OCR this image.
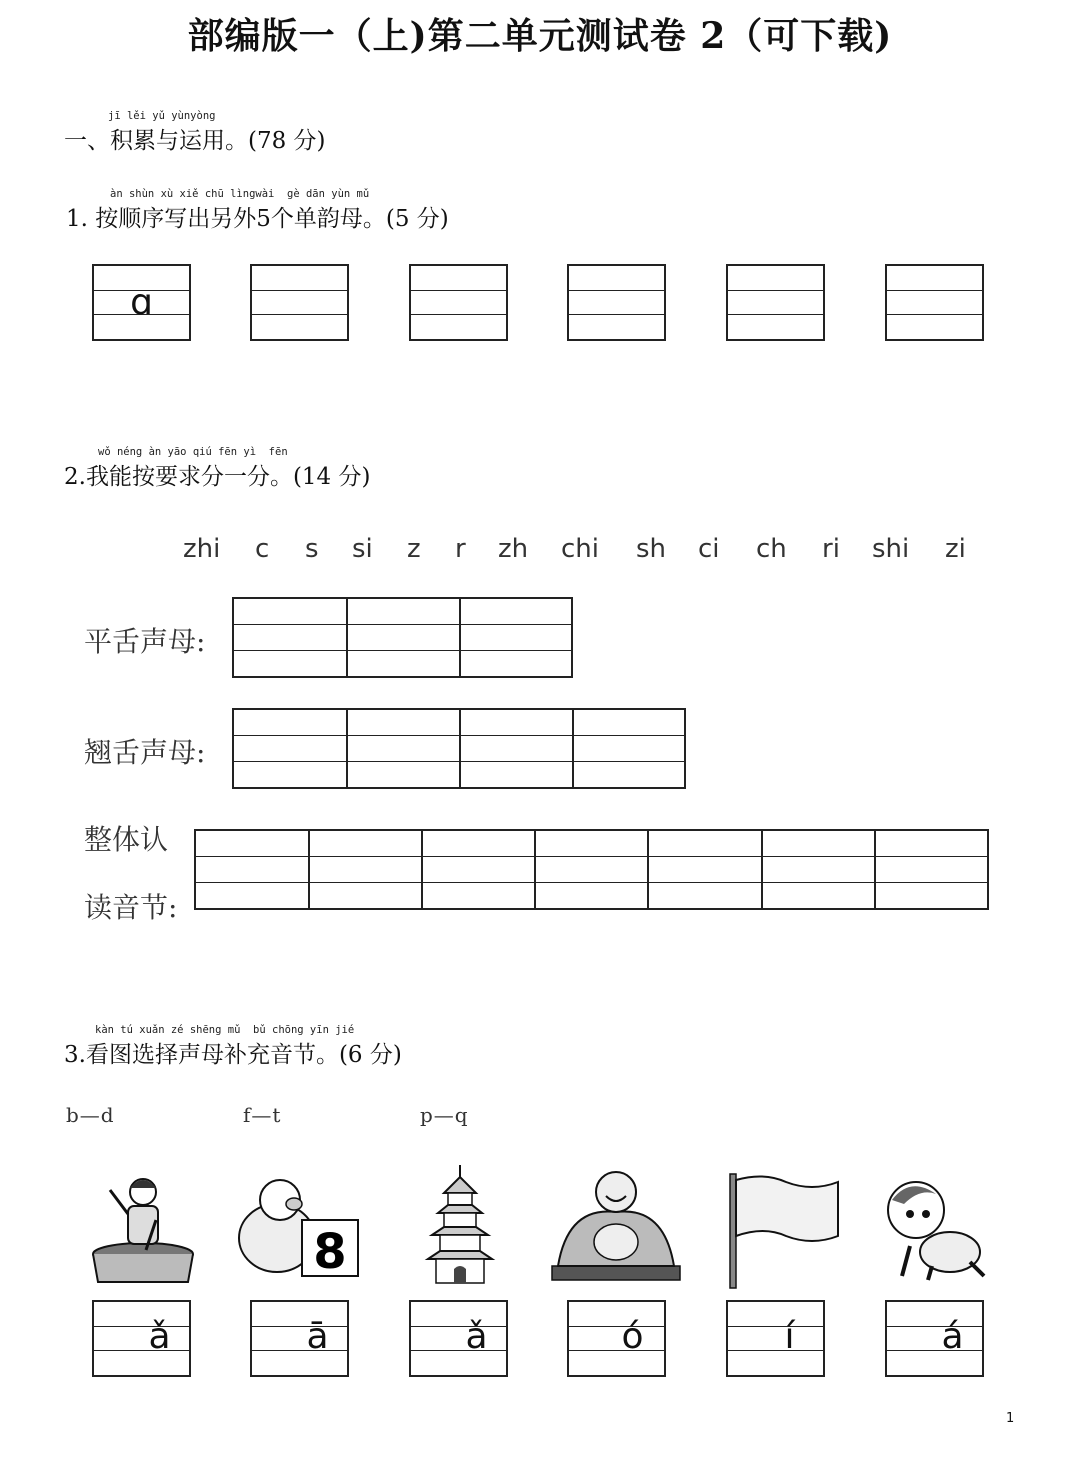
部编版一（上)第二单元测试卷 2（可下载)
jī lěi yǔ yùnyòng
一、积累与运用。(78 分)
àn shùn xù xiě chū lìngwài  gè dān yùn mǔ
1. 按顺序写出另外5个单韵母。(5 分)
ɑ
wǒ néng àn yāo qiú fēn yì  fēn
2.我能按要求分一分。(14 分)
zhi c s si z r zh chi sh ci ch ri shi zi
平舌声母:
翘舌声母:
整体认
读音节:
kàn tú xuǎn zé shēng mǔ  bǔ chōng yīn jié
3.看图选择声母补充音节。(6 分)
b—d	f—t	p—q
8
ǎ	ā	ǎ	ó	í	á
1
